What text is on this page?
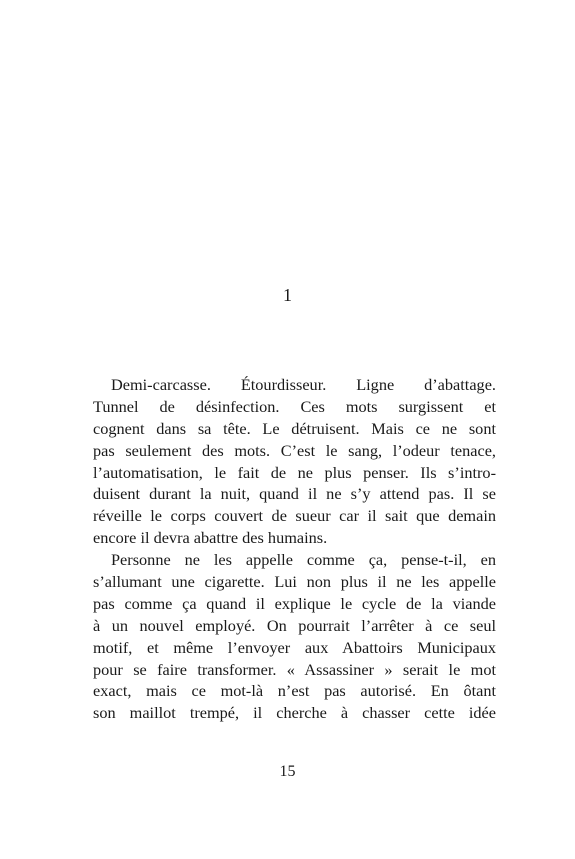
1
Demi-carcasse. Étourdisseur. Ligne d’abattage.
Tunnel de désinfection. Ces mots surgissent et
cognent dans sa tête. Le détruisent. Mais ce ne sont
pas seulement des mots. C’est le sang, l’odeur tenace,
l’automatisation, le fait de ne plus penser. Ils s’intro-
duisent durant la nuit, quand il ne s’y attend pas. Il se
réveille le corps couvert de sueur car il sait que demain
encore il devra abattre des humains.
Personne ne les appelle comme ça, pense-t-il, en
s’allumant une cigarette. Lui non plus il ne les appelle
pas comme ça quand il explique le cycle de la viande
à un nouvel employé. On pourrait l’arrêter à ce seul
motif, et même l’envoyer aux Abattoirs Municipaux
pour se faire transformer. « Assassiner » serait le mot
exact, mais ce mot-là n’est pas autorisé. En ôtant
son maillot trempé, il cherche à chasser cette idée
15
